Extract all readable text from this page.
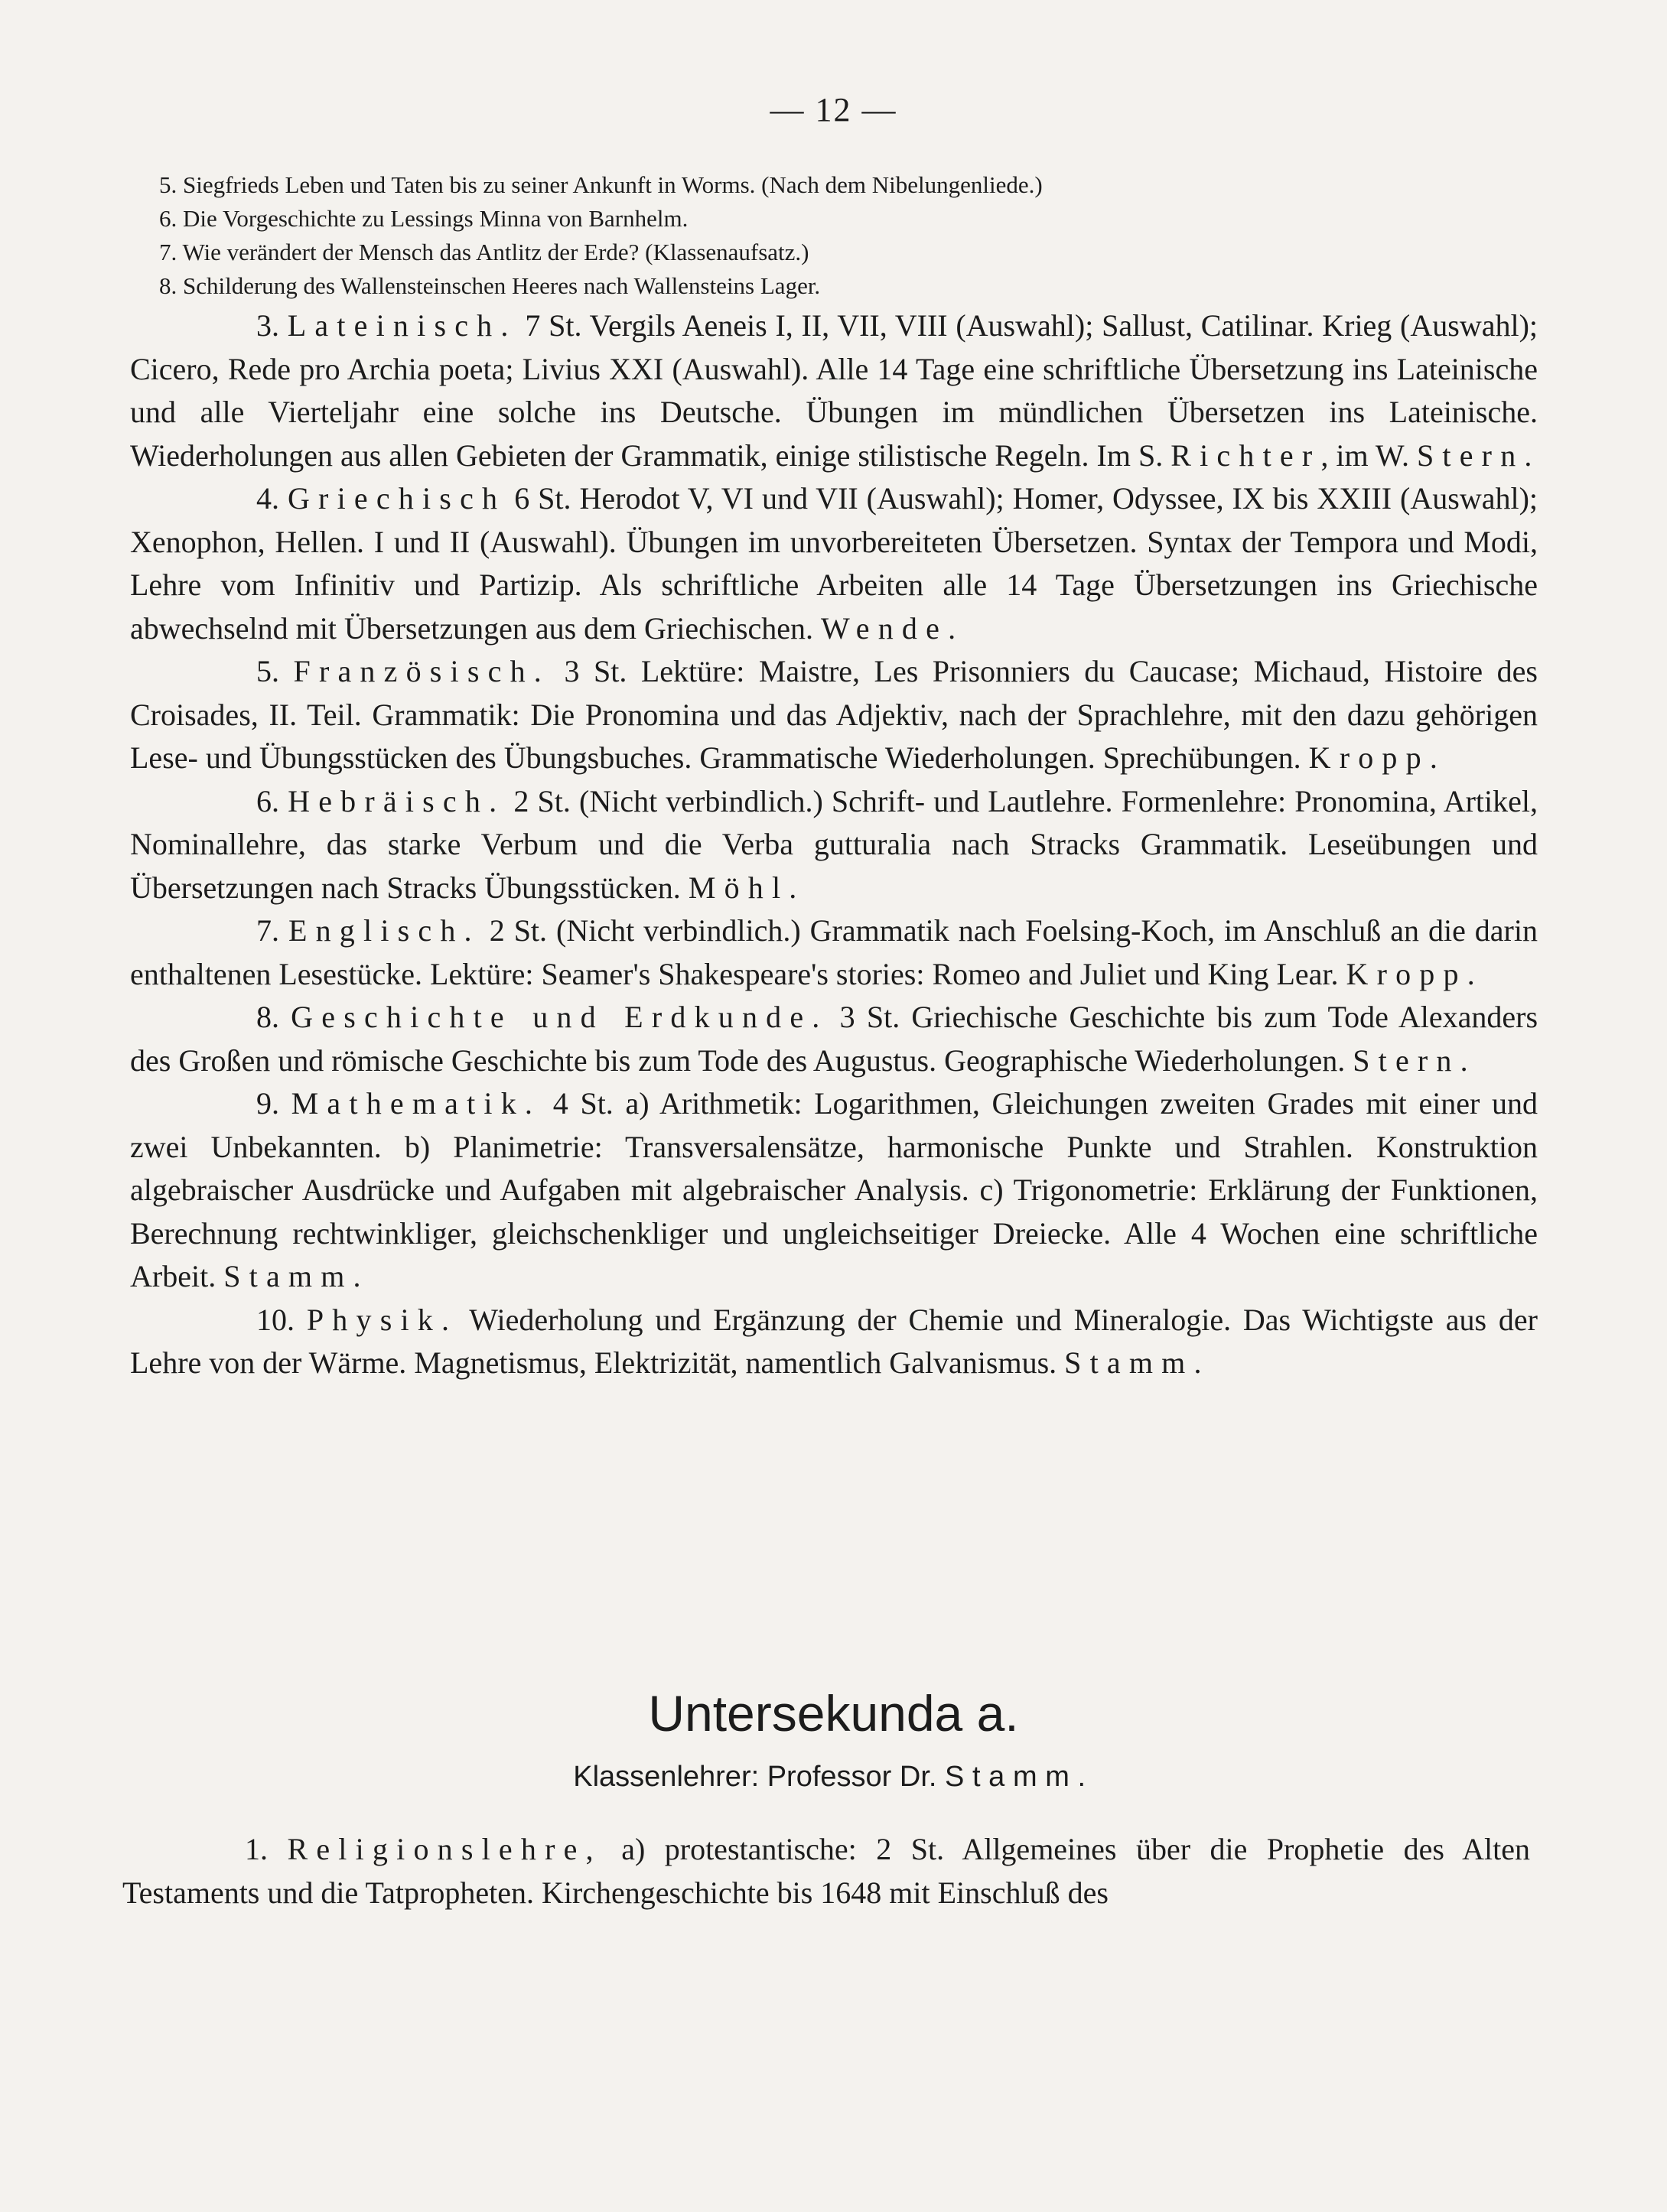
— 12 —
5. Siegfrieds Leben und Taten bis zu seiner Ankunft in Worms. (Nach dem Nibelungenliede.)
6. Die Vorgeschichte zu Lessings Minna von Barnhelm.
7. Wie verändert der Mensch das Antlitz der Erde? (Klassenaufsatz.)
8. Schilderung des Wallensteinschen Heeres nach Wallensteins Lager.

3. Lateinisch. 7 St. Vergils Aeneis I, II, VII, VIII (Auswahl); Sallust, Catilinar. Krieg (Auswahl); Cicero, Rede pro Archia poeta; Livius XXI (Auswahl). Alle 14 Tage eine schriftliche Übersetzung ins Lateinische und alle Vierteljahr eine solche ins Deutsche. Übungen im mündlichen Übersetzen ins Lateinische. Wiederholungen aus allen Gebieten der Grammatik, einige stilistische Regeln. Im S. Richter, im W. Stern.

4. Griechisch 6 St. Herodot V, VI und VII (Auswahl); Homer, Odyssee, IX bis XXIII (Auswahl); Xenophon, Hellen. I und II (Auswahl). Übungen im unvorbereiteten Übersetzen. Syntax der Tempora und Modi, Lehre vom Infinitiv und Partizip. Als schriftliche Arbeiten alle 14 Tage Übersetzungen ins Griechische abwechselnd mit Übersetzungen aus dem Griechischen. Wende.

5. Französisch. 3 St. Lektüre: Maistre, Les Prisonniers du Caucase; Michaud, Histoire des Croisades, II. Teil. Grammatik: Die Pronomina und das Adjektiv, nach der Sprachlehre, mit den dazu gehörigen Lese- und Übungsstücken des Übungsbuches. Grammatische Wiederholungen. Sprechübungen. Kropp.

6. Hebräisch. 2 St. (Nicht verbindlich.) Schrift- und Lautlehre. Formenlehre: Pronomina, Artikel, Nominallehre, das starke Verbum und die Verba gutturalia nach Stracks Grammatik. Leseübungen und Übersetzungen nach Stracks Übungsstücken. Möhl.

7. Englisch. 2 St. (Nicht verbindlich.) Grammatik nach Foelsing-Koch, im Anschluß an die darin enthaltenen Lesestücke. Lektüre: Seamer's Shakespeare's stories: Romeo and Juliet und King Lear. Kropp.

8. Geschichte und Erdkunde. 3 St. Griechische Geschichte bis zum Tode Alexanders des Großen und römische Geschichte bis zum Tode des Augustus. Geographische Wiederholungen. Stern.

9. Mathematik. 4 St. a) Arithmetik: Logarithmen, Gleichungen zweiten Grades mit einer und zwei Unbekannten. b) Planimetrie: Transversalensätze, harmonische Punkte und Strahlen. Konstruktion algebraischer Ausdrücke und Aufgaben mit algebraischer Analysis. c) Trigonometrie: Erklärung der Funktionen, Berechnung rechtwinkliger, gleichschenkliger und ungleichseitiger Dreiecke. Alle 4 Wochen eine schriftliche Arbeit. Stamm.

10. Physik. Wiederholung und Ergänzung der Chemie und Mineralogie. Das Wichtigste aus der Lehre von der Wärme. Magnetismus, Elektrizität, namentlich Galvanismus. Stamm.

Untersekunda a.
Klassenlehrer: Professor Dr. Stamm.

1. Religionslehre, a) protestantische: 2 St. Allgemeines über die Prophetie des Alten Testaments und die Tatpropheten. Kirchengeschichte bis 1648 mit Einschluß des
